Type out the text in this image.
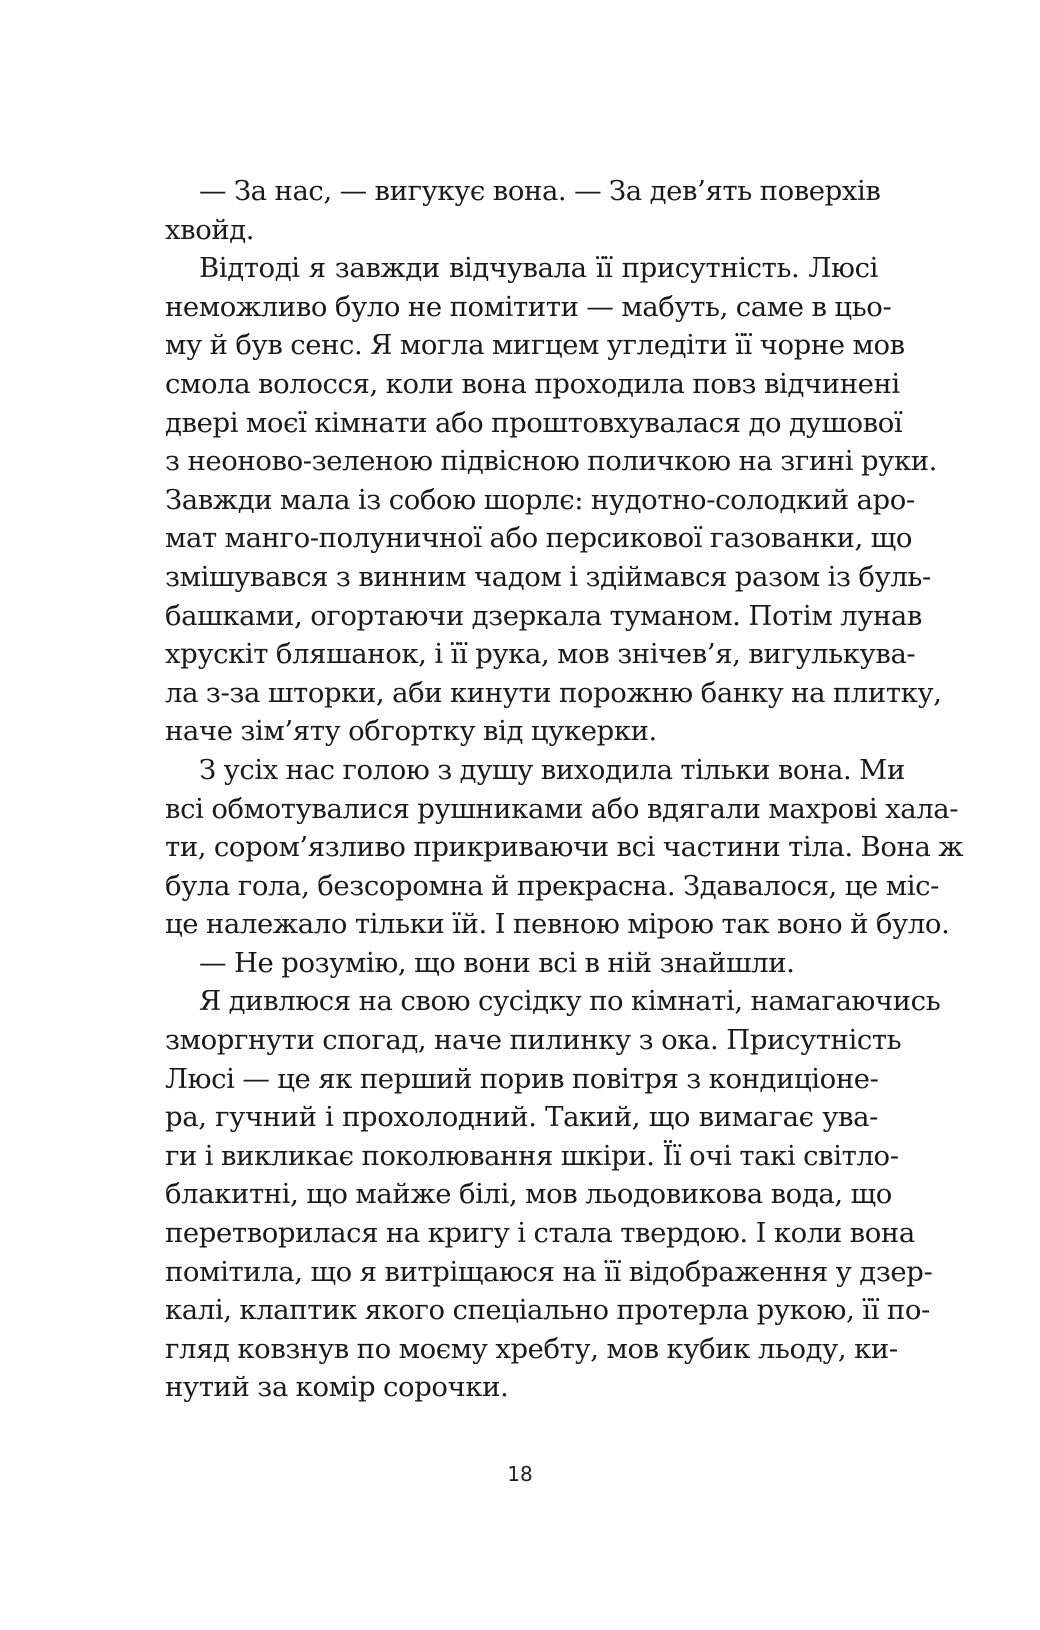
— За нас, — вигукує вона. — За дев’ять поверхів
хвойд.
Відтоді я завжди відчувала її присутність. Люсі
неможливо було не помітити — мабуть, саме в цьо-
му й був сенс. Я могла мигцем угледіти її чорне мов
смола волосся, коли вона проходила повз відчинені
двері моєї кімнати або проштовхувалася до душової
з неоново-зеленою підвісною поличкою на згині руки.
Завжди мала із собою шорлє: нудотно-солодкий аро-
мат манго-полуничної або персикової газованки, що
змішувався з винним чадом і здіймався разом із буль-
башками, огортаючи дзеркала туманом. Потім лунав
хрускіт бляшанок, і її рука, мов знічев’я, вигулькува-
ла з-за шторки, аби кинути порожню банку на плитку,
наче зім’яту обгортку від цукерки.
З усіх нас голою з душу виходила тільки вона. Ми
всі обмотувалися рушниками або вдягали махрові хала-
ти, сором’язливо прикриваючи всі частини тіла. Вона ж
була гола, безсоромна й прекрасна. Здавалося, це міс-
це належало тільки їй. І певною мірою так воно й було.
— Не розумію, що вони всі в ній знайшли.
Я дивлюся на свою сусідку по кімнаті, намагаючись
зморгнути спогад, наче пилинку з ока. Присутність
Люсі — це як перший порив повітря з кондиціоне-
ра, гучний і прохолодний. Такий, що вимагає ува-
ги і викликає поколювання шкіри. Її очі такі світло-
блакитні, що майже білі, мов льодовикова вода, що
перетворилася на кригу і стала твердою. І коли вона
помітила, що я витріщаюся на її відображення у дзер-
калі, клаптик якого спеціально протерла рукою, її по-
гляд ковзнув по моєму хребту, мов кубик льоду, ки-
нутий за комір сорочки.
18
